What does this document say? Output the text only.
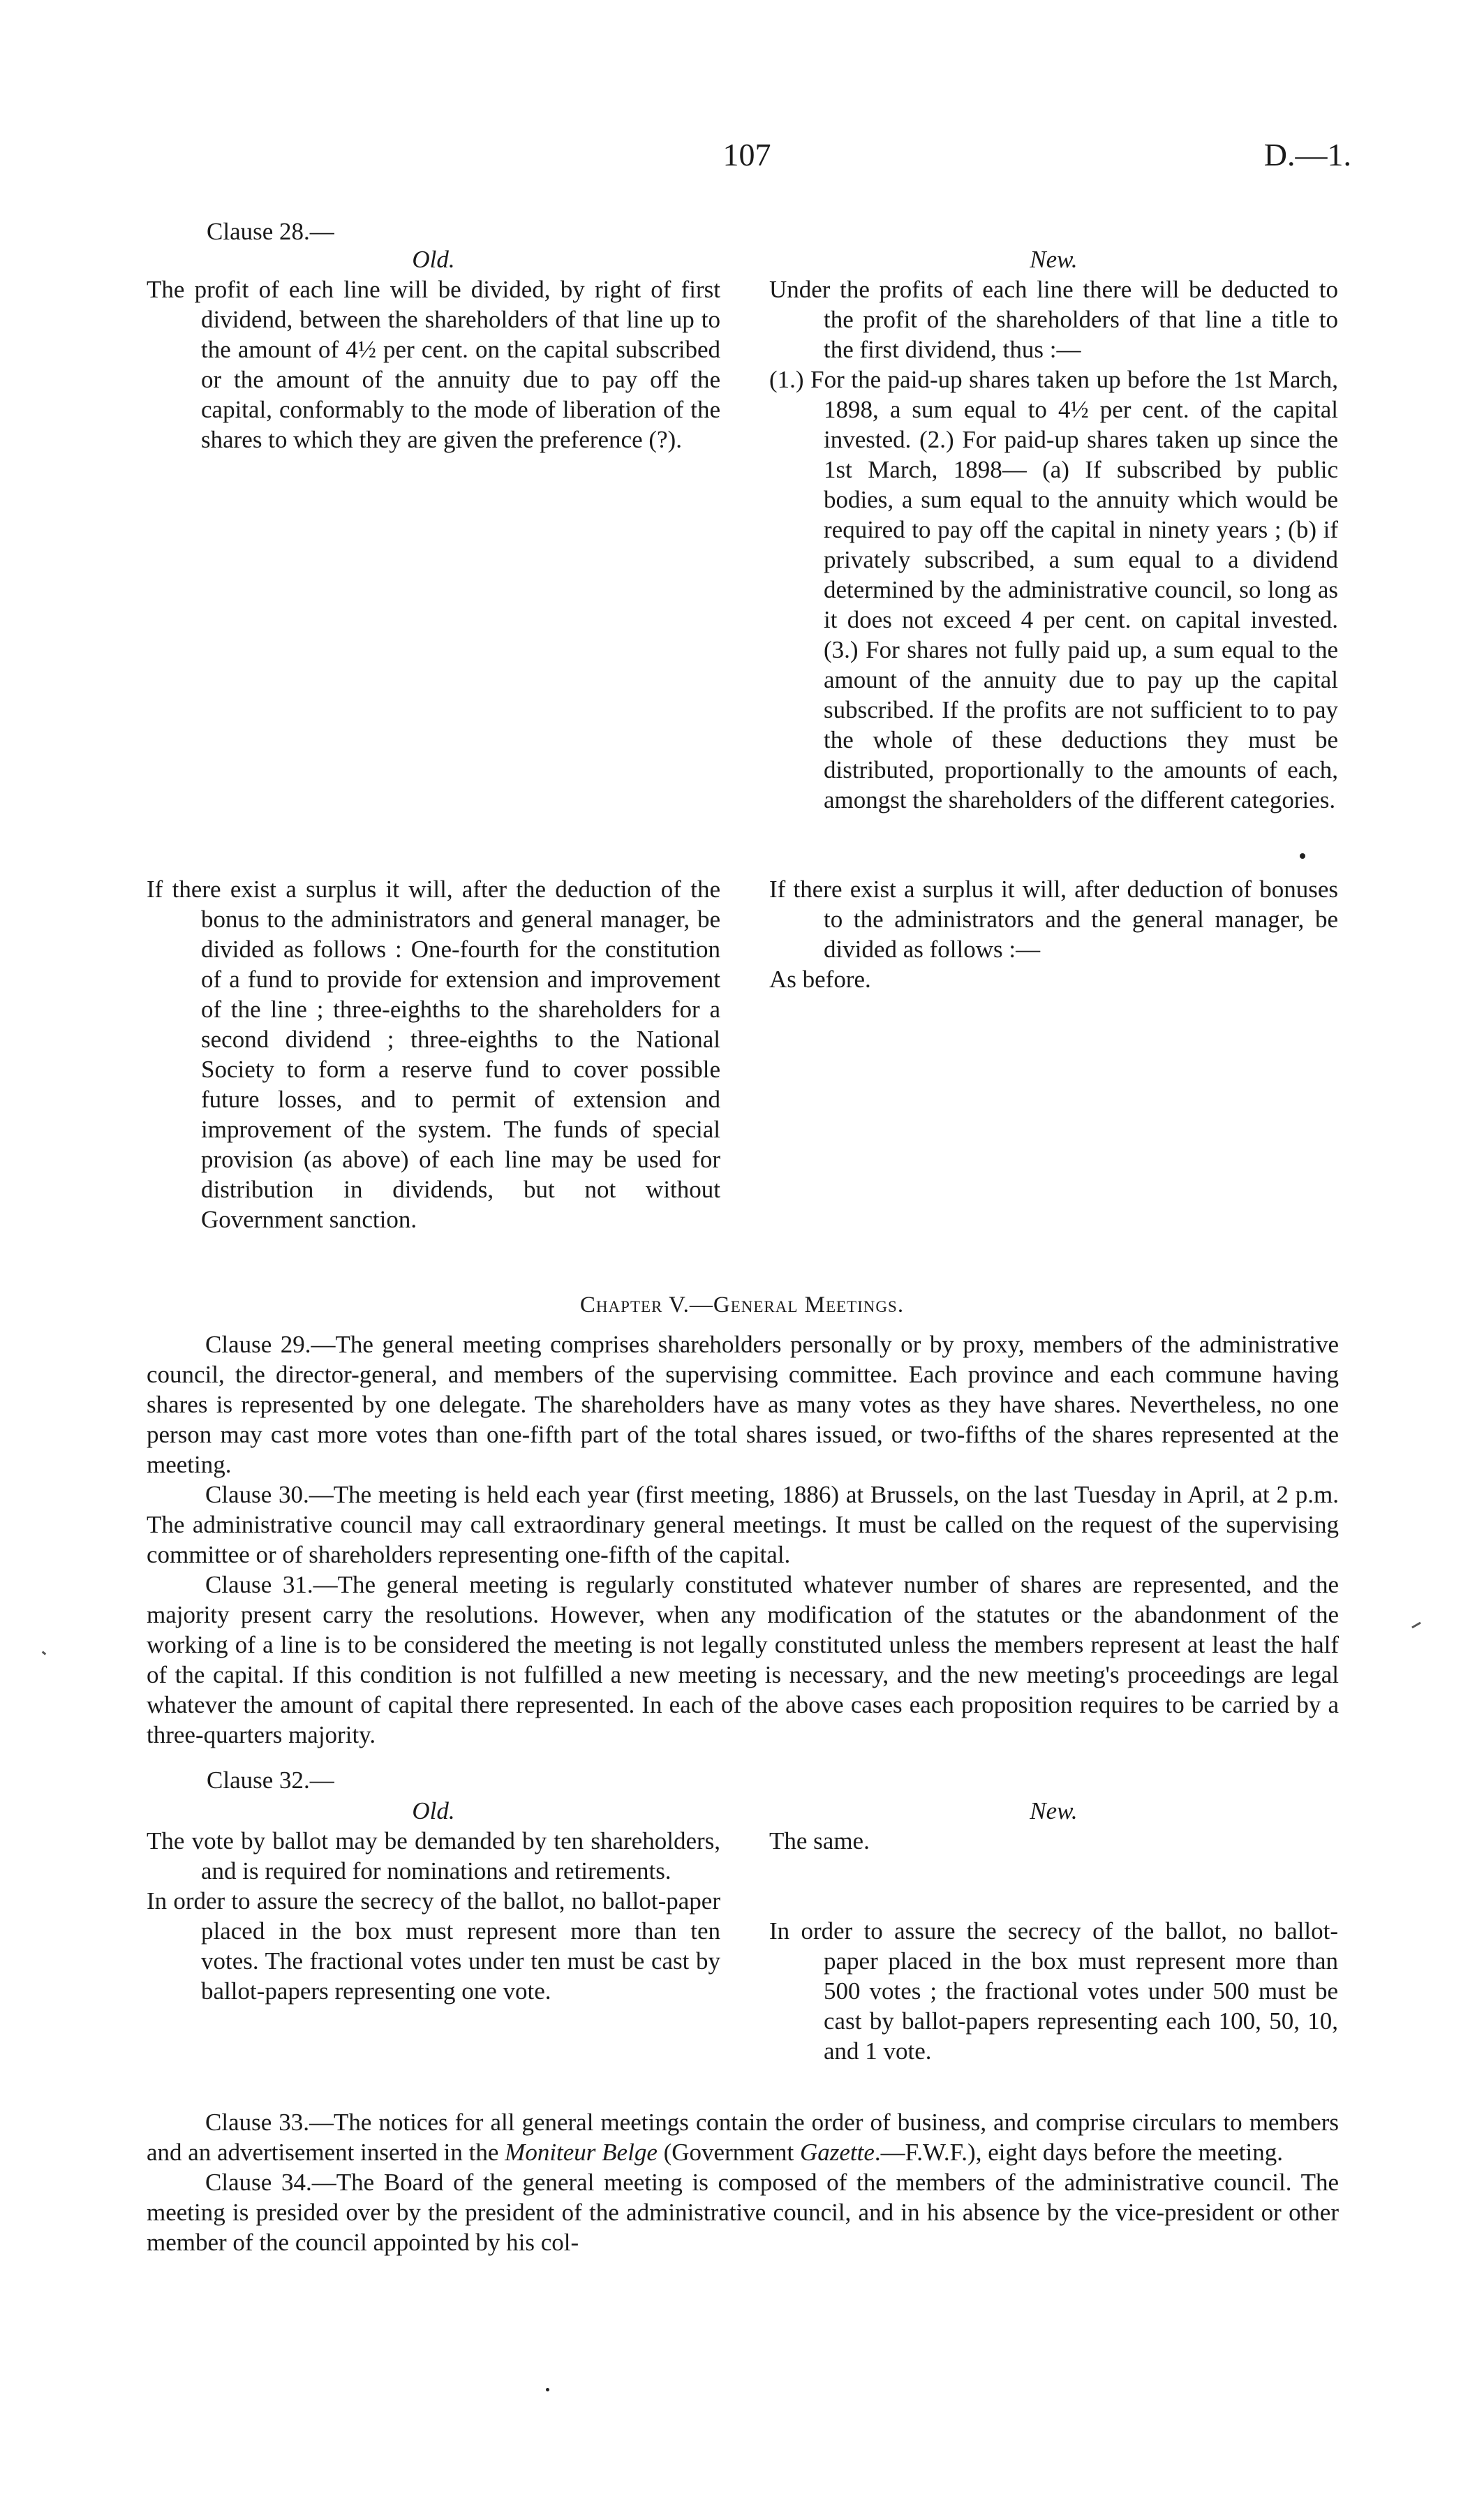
107	D.—1.
Clause 28.—
Old.

The profit of each line will be divided, by right of first dividend, between the shareholders of that line up to the amount of 4½ per cent. on the capital subscribed or the amount of the annuity due to pay off the capital, conformably to the mode of liberation of the shares to which they are given the preference (?).

New.

Under the profits of each line there will be deducted to the profit of the shareholders of that line a title to the first dividend, thus :—

(1.) For the paid-up shares taken up before the 1st March, 1898, a sum equal to 4½ per cent. of the capital invested. (2.) For paid-up shares taken up since the 1st March, 1898— (a) If subscribed by public bodies, a sum equal to the annuity which would be required to pay off the capital in ninety years ; (b) if privately subscribed, a sum equal to a dividend determined by the administrative council, so long as it does not exceed 4 per cent. on capital invested. (3.) For shares not fully paid up, a sum equal to the amount of the annuity due to pay up the capital subscribed. If the profits are not sufficient to to pay the whole of these deductions they must be distributed, proportionally to the amounts of each, amongst the shareholders of the different categories.

If there exist a surplus it will, after the deduction of the bonus to the administrators and general manager, be divided as follows : One-fourth for the constitution of a fund to provide for extension and improvement of the line ; three-eighths to the shareholders for a second dividend ; three-eighths to the National Society to form a reserve fund to cover possible future losses, and to permit of extension and improvement of the system. The funds of special provision (as above) of each line may be used for distribution in dividends, but not without Government sanction.

If there exist a surplus it will, after deduction of bonuses to the administrators and the general manager, be divided as follows :—

As before.

Chapter V.—General Meetings.

Clause 29.—The general meeting comprises shareholders personally or by proxy, members of the administrative council, the director-general, and members of the supervising committee. Each province and each commune having shares is represented by one delegate. The shareholders have as many votes as they have shares. Nevertheless, no one person may cast more votes than one-fifth part of the total shares issued, or two-fifths of the shares represented at the meeting.

Clause 30.—The meeting is held each year (first meeting, 1886) at Brussels, on the last Tuesday in April, at 2 p.m. The administrative council may call extraordinary general meetings. It must be called on the request of the supervising committee or of shareholders representing one-fifth of the capital.

Clause 31.—The general meeting is regularly constituted whatever number of shares are represented, and the majority present carry the resolutions. However, when any modification of the statutes or the abandonment of the working of a line is to be considered the meeting is not legally constituted unless the members represent at least the half of the capital. If this condition is not fulfilled a new meeting is necessary, and the new meeting's proceedings are legal whatever the amount of capital there represented. In each of the above cases each proposition requires to be carried by a three-quarters majority.

Clause 32.—
Old.

The vote by ballot may be demanded by ten shareholders, and is required for nominations and retirements.

In order to assure the secrecy of the ballot, no ballot-paper placed in the box must represent more than ten votes. The fractional votes under ten must be cast by ballot-papers representing one vote.

New.

The same.

In order to assure the secrecy of the ballot, no ballot-paper placed in the box must represent more than 500 votes ; the fractional votes under 500 must be cast by ballot-papers representing each 100, 50, 10, and 1 vote.

Clause 33.—The notices for all general meetings contain the order of business, and comprise circulars to members and an advertisement inserted in the Moniteur Belge (Government Gazette.—F.W.F.), eight days before the meeting.

Clause 34.—The Board of the general meeting is composed of the members of the administrative council. The meeting is presided over by the president of the administrative council, and in his absence by the vice-president or other member of the council appointed by his col-
